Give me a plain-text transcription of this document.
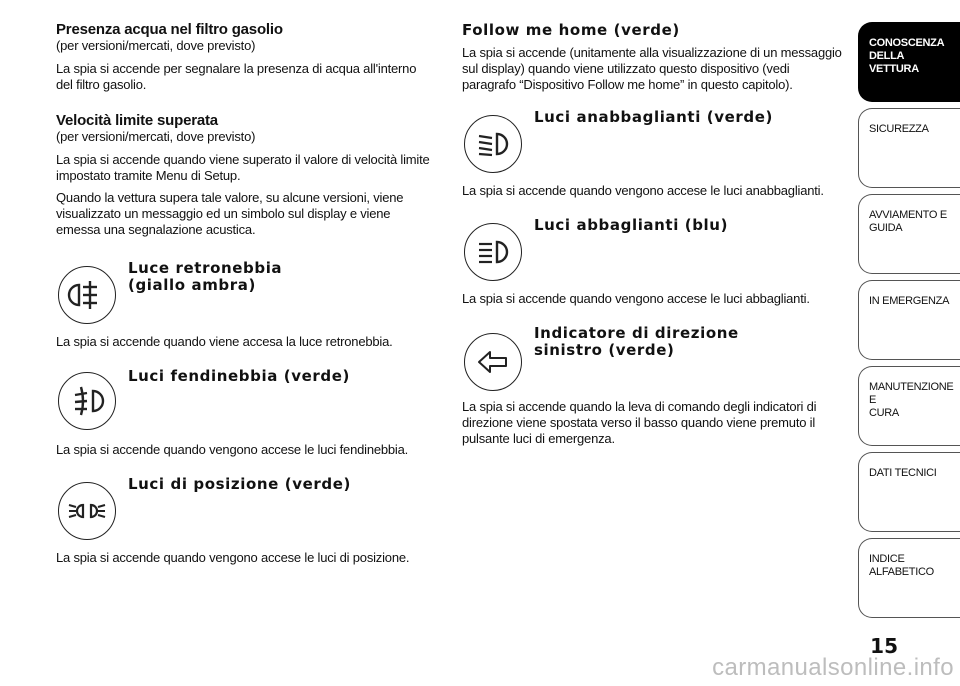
Presenza acqua nel filtro gasolio

(per versioni/mercati, dove previsto)

La spia si accende per segnalare la presenza di acqua all'interno del filtro gasolio.

Velocità limite superata

(per versioni/mercati, dove previsto)

La spia si accende quando viene superato il valore di velocità limite impostato tramite Menu di Setup.

Quando la vettura supera tale valore, su alcune versioni, viene visualizzato un messaggio ed un simbolo sul display e viene emessa una segnalazione acustica.

Luce retronebbia

(giallo ambra)

La spia si accende quando viene accesa la luce retronebbia.

Luci fendinebbia (verde)

La spia si accende quando vengono accese le luci fendinebbia.

Luci di posizione (verde)

La spia si accende quando vengono accese le luci di posizione.

Follow me home (verde)

La spia si accende (unitamente alla visualizzazione di un messaggio sul display) quando viene utilizzato questo dispositivo (vedi paragrafo “Dispositivo Follow me home” in questo capitolo).

Luci anabbaglianti (verde)

La spia si accende quando vengono accese le luci anabbaglianti.

Luci abbaglianti (blu)

La spia si accende quando vengono accese le luci abbaglianti.

Indicatore di direzione

sinistro (verde)

La spia si accende quando la leva di comando degli indicatori di direzione viene spostata verso il basso quando viene premuto il pulsante luci di emergenza.

CONOSCENZA
DELLA VETTURA
SICUREZZA
AVVIAMENTO E
GUIDA
IN EMERGENZA
MANUTENZIONE E
CURA
DATI TECNICI
INDICE ALFABETICO
15
carmanualsonline.info
